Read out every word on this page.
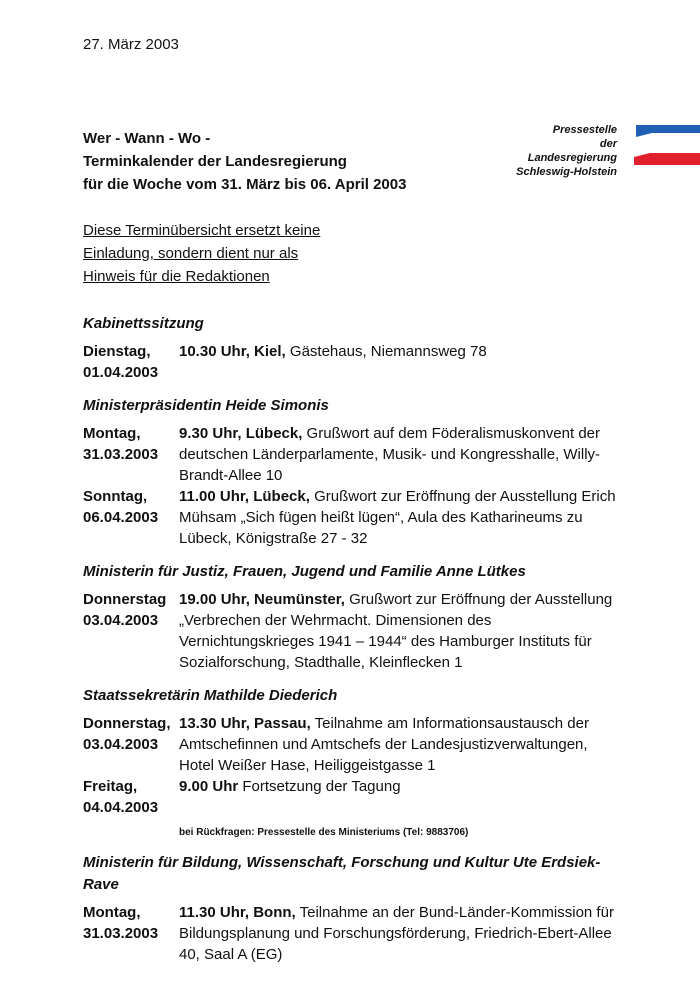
27. März 2003
Pressestelle
der
Landesregierung
Schleswig-Holstein
Wer - Wann - Wo -
Terminkalender der Landesregierung
für die Woche vom 31. März bis 06. April 2003
Diese Terminübersicht ersetzt keine
Einladung, sondern dient nur als
Hinweis für die Redaktionen
Kabinettssitzung
Dienstag,
01.04.2003
10.30 Uhr, Kiel, Gästehaus, Niemannsweg 78
Ministerpräsidentin Heide Simonis
Montag,
31.03.2003
9.30 Uhr, Lübeck, Grußwort auf dem Föderalismuskonvent der deutschen Länderparlamente, Musik- und Kongresshalle, Willy-Brandt-Allee 10
Sonntag,
06.04.2003
11.00 Uhr, Lübeck, Grußwort zur Eröffnung der Ausstellung Erich Mühsam „Sich fügen heißt lügen“, Aula des Katharineums zu Lübeck, Königstraße 27 - 32
Ministerin für Justiz, Frauen, Jugend und Familie Anne Lütkes
Donnerstag
03.04.2003
19.00 Uhr, Neumünster, Grußwort zur Eröffnung der Ausstellung „Verbrechen der Wehrmacht. Dimensionen des Vernichtungskrieges 1941 – 1944“ des Hamburger Instituts für Sozialforschung, Stadthalle, Kleinflecken 1
Staatssekretärin Mathilde Diederich
Donnerstag,
03.04.2003
13.30 Uhr, Passau, Teilnahme am Informationsaustausch der Amtschefinnen und Amtschefs der Landesjustizverwaltungen, Hotel Weißer Hase, Heiliggeistgasse 1
Freitag,
04.04.2003
9.00 Uhr Fortsetzung der Tagung
bei Rückfragen: Pressestelle des Ministeriums (Tel: 9883706)
Ministerin für Bildung, Wissenschaft, Forschung und Kultur Ute Erdsiek-Rave
Montag,
31.03.2003
11.30 Uhr, Bonn, Teilnahme an der Bund-Länder-Kommission für Bildungsplanung und Forschungsförderung, Friedrich-Ebert-Allee 40, Saal A (EG)
